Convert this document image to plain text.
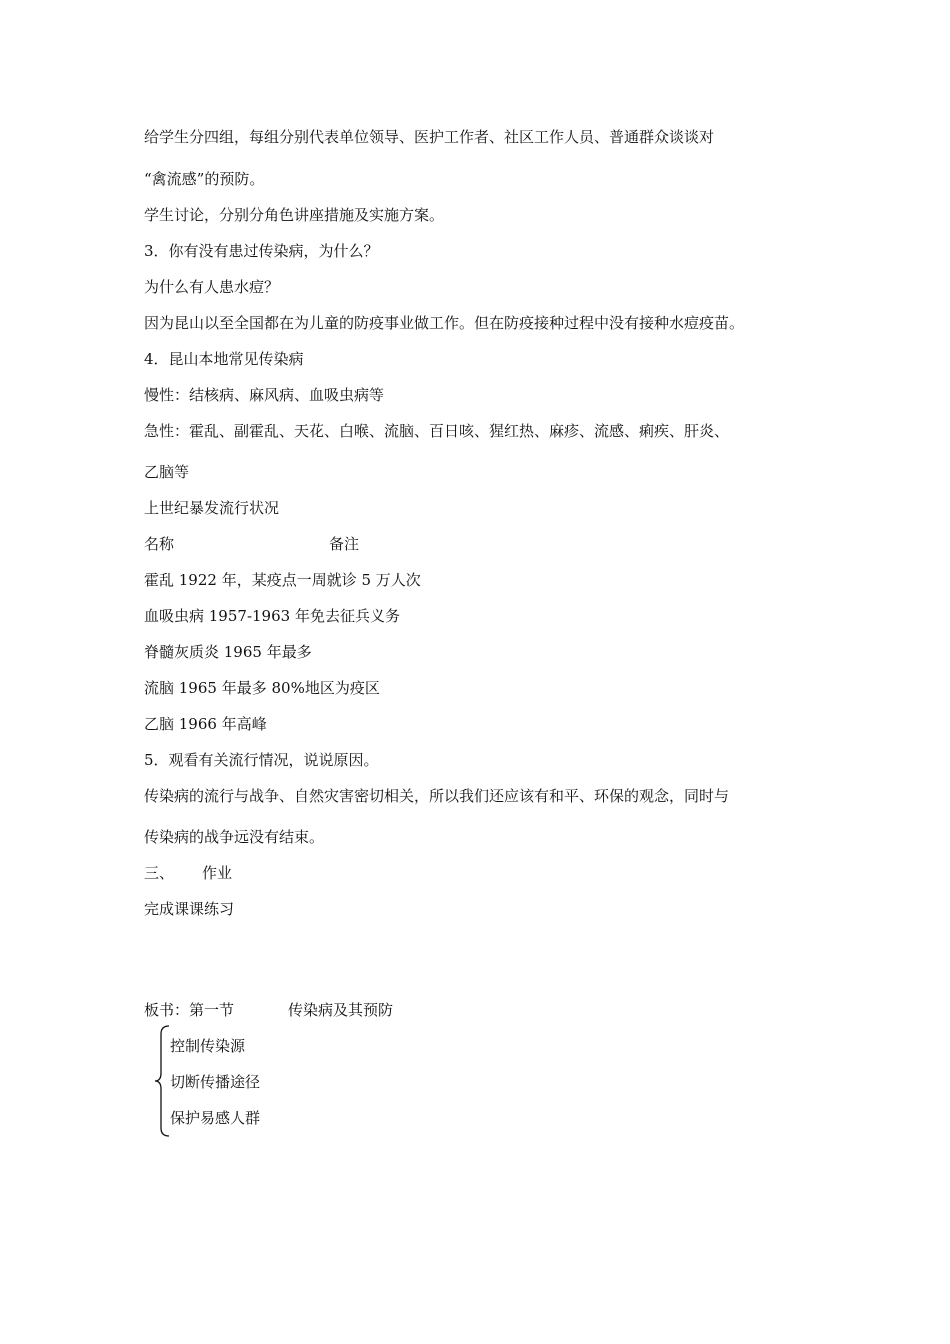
给学生分四组，每组分别代表单位领导、医护工作者、社区工作人员、普通群众谈谈对
“禽流感”的预防。
学生讨论，分别分角色讲座措施及实施方案。
3．你有没有患过传染病，为什么？
为什么有人患水痘？
因为昆山以至全国都在为儿童的防疫事业做工作。但在防疫接种过程中没有接种水痘疫苗。
4．昆山本地常见传染病
慢性：结核病、麻风病、血吸虫病等
急性：霍乱、副霍乱、天花、白喉、流脑、百日咳、猩红热、麻疹、流感、痢疾、肝炎、
乙脑等
上世纪暴发流行状况
名称	备注
霍乱 1922 年，某疫点一周就诊 5 万人次
血吸虫病 1957-1963 年免去征兵义务
脊髓灰质炎 1965 年最多
流脑 1965 年最多 80%地区为疫区
乙脑 1966 年高峰
5．观看有关流行情况，说说原因。
传染病的流行与战争、自然灾害密切相关，所以我们还应该有和平、环保的观念，同时与
传染病的战争远没有结束。
三、 作业
完成课课练习
板书：第一节	传染病及其预防
控制传染源
切断传播途径
保护易感人群
